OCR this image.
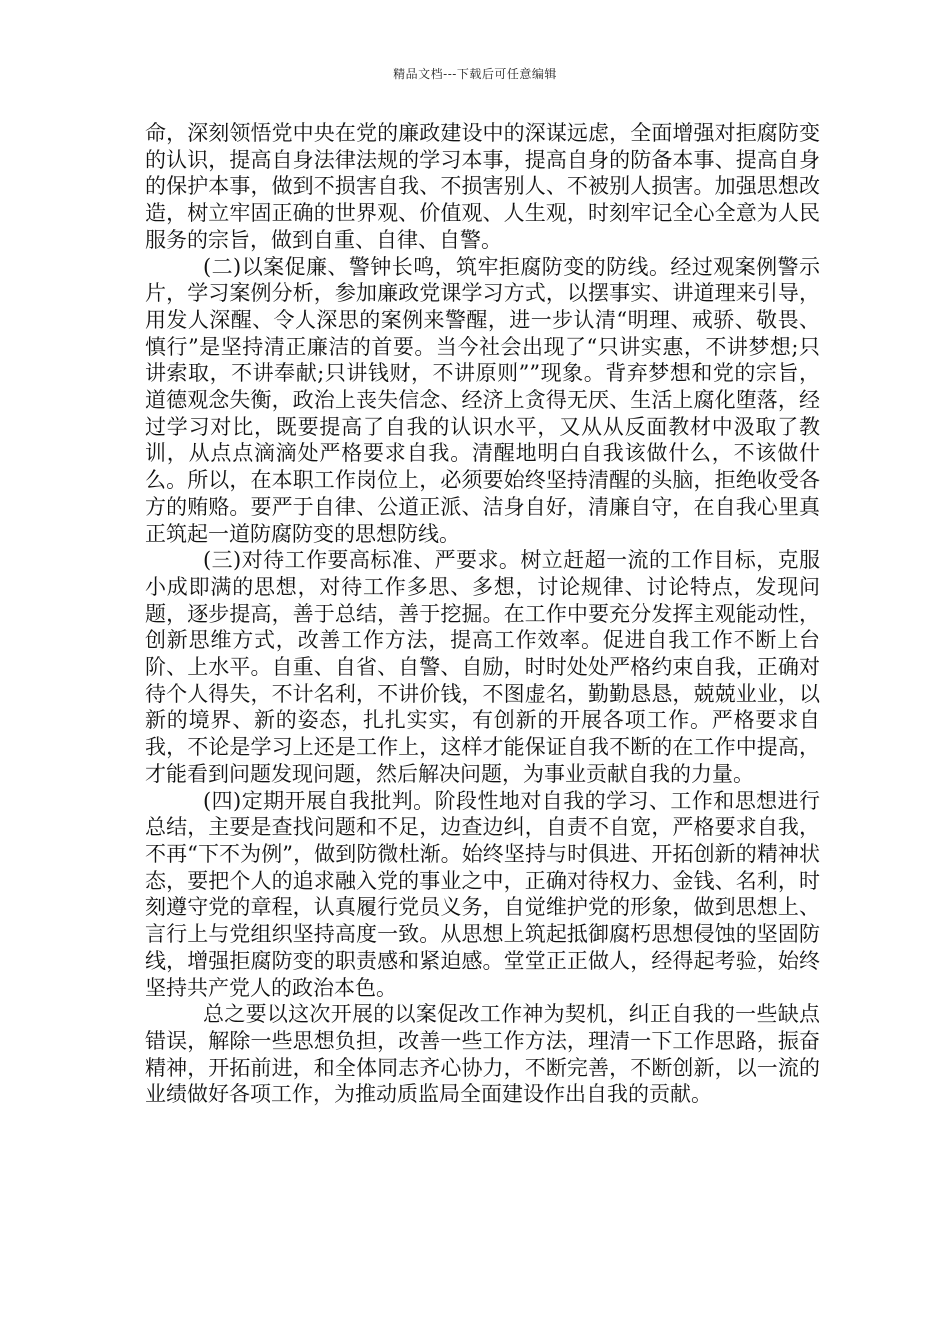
精品文档---下载后可任意编辑

命，深刻领悟党中央在党的廉政建设中的深谋远虑，全面增强对拒腐防变的认识，提高自身法律法规的学习本事，提高自身的防备本事、提高自身的保护本事，做到不损害自我、不损害别人、不被别人损害。加强思想改造，树立牢固正确的世界观、价值观、人生观，时刻牢记全心全意为人民服务的宗旨，做到自重、自律、自警。

(二)以案促廉、警钟长鸣，筑牢拒腐防变的防线。经过观案例警示片，学习案例分析，参加廉政党课学习方式，以摆事实、讲道理来引导，用发人深醒、令人深思的案例来警醒，进一步认清“明理、戒骄、敬畏、慎行”是坚持清正廉洁的首要。当今社会出现了“只讲实惠，不讲梦想;只讲索取，不讲奉献;只讲钱财，不讲原则””现象。背弃梦想和党的宗旨，道德观念失衡，政治上丧失信念、经济上贪得无厌、生活上腐化堕落，经过学习对比，既要提高了自我的认识水平，又从从反面教材中汲取了教训，从点点滴滴处严格要求自我。清醒地明白自我该做什么，不该做什么。所以，在本职工作岗位上，必须要始终坚持清醒的头脑，拒绝收受各方的贿赂。要严于自律、公道正派、洁身自好，清廉自守，在自我心里真正筑起一道防腐防变的思想防线。

(三)对待工作要高标准、严要求。树立赶超一流的工作目标，克服小成即满的思想，对待工作多思、多想，讨论规律、讨论特点，发现问题，逐步提高，善于总结，善于挖掘。在工作中要充分发挥主观能动性，创新思维方式，改善工作方法，提高工作效率。促进自我工作不断上台阶、上水平。自重、自省、自警、自励，时时处处严格约束自我，正确对待个人得失，不计名利，不讲价钱，不图虚名，勤勤恳恳，兢兢业业，以新的境界、新的姿态，扎扎实实，有创新的开展各项工作。严格要求自我，不论是学习上还是工作上，这样才能保证自我不断的在工作中提高，才能看到问题发现问题，然后解决问题，为事业贡献自我的力量。

(四)定期开展自我批判。阶段性地对自我的学习、工作和思想进行总结，主要是查找问题和不足，边查边纠，自责不自宽，严格要求自我，不再“下不为例”，做到防微杜渐。始终坚持与时俱进、开拓创新的精神状态，要把个人的追求融入党的事业之中，正确对待权力、金钱、名利，时刻遵守党的章程，认真履行党员义务，自觉维护党的形象，做到思想上、言行上与党组织坚持高度一致。从思想上筑起抵御腐朽思想侵蚀的坚固防线，增强拒腐防变的职责感和紧迫感。堂堂正正做人，经得起考验，始终坚持共产党人的政治本色。

总之要以这次开展的以案促改工作神为契机，纠正自我的一些缺点错误，解除一些思想负担，改善一些工作方法，理清一下工作思路，振奋精神，开拓前进，和全体同志齐心协力，不断完善，不断创新，以一流的业绩做好各项工作，为推动质监局全面建设作出自我的贡献。
